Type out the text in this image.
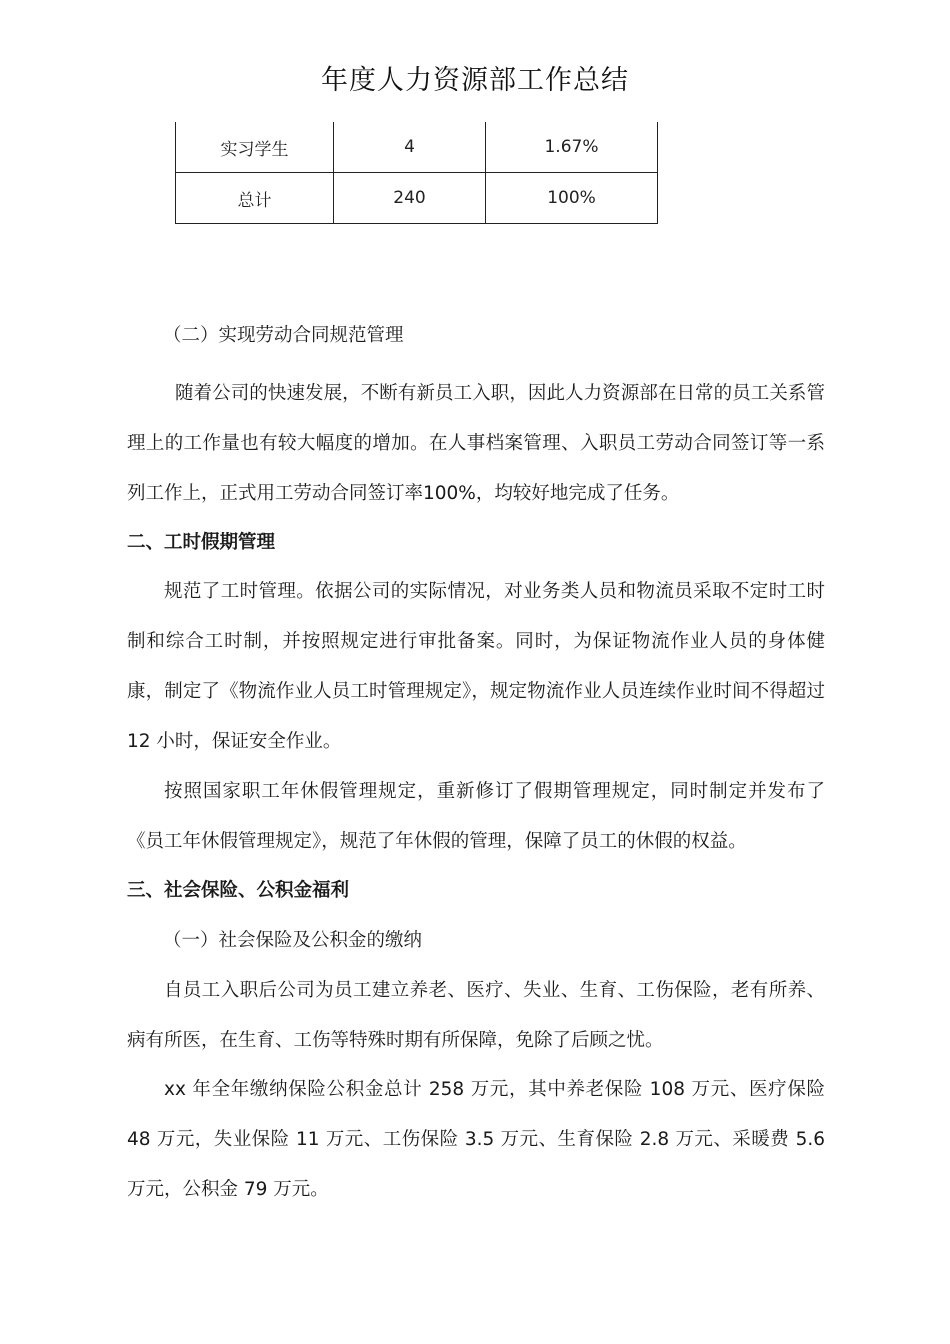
年度人力资源部工作总结
实习学生	4	1.67%
总计	240	100%
（二）实现劳动合同规范管理

随着公司的快速发展，不断有新员工入职，因此人力资源部在日常的员工关系管理上的工作量也有较大幅度的增加。在人事档案管理、入职员工劳动合同签订等一系列工作上，正式用工劳动合同签订率100%，均较好地完成了任务。

二、工时假期管理

规范了工时管理。依据公司的实际情况，对业务类人员和物流员采取不定时工时制和综合工时制，并按照规定进行审批备案。同时，为保证物流作业人员的身体健康，制定了《物流作业人员工时管理规定》，规定物流作业人员连续作业时间不得超过 12 小时，保证安全作业。

按照国家职工年休假管理规定，重新修订了假期管理规定，同时制定并发布了《员工年休假管理规定》，规范了年休假的管理，保障了员工的休假的权益。

三、社会保险、公积金福利
（一）社会保险及公积金的缴纳

自员工入职后公司为员工建立养老、医疗、失业、生育、工伤保险，老有所养、病有所医，在生育、工伤等特殊时期有所保障，免除了后顾之忧。

xx 年全年缴纳保险公积金总计 258 万元，其中养老保险 108 万元、医疗保险 48 万元，失业保险 11 万元、工伤保险 3.5 万元、生育保险 2.8 万元、采暖费 5.6 万元，公积金 79 万元。
